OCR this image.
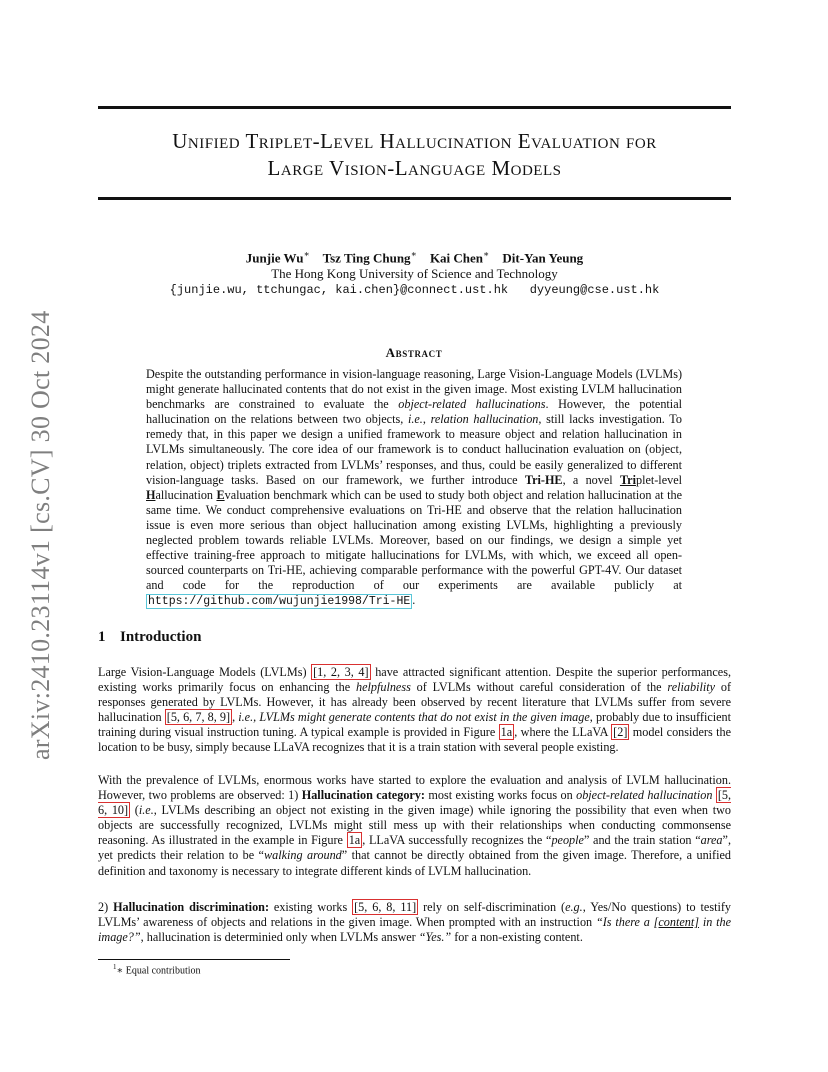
arXiv:2410.23114v1 [cs.CV] 30 Oct 2024
Unified Triplet-Level Hallucination Evaluation for
Large Vision-Language Models
Junjie Wu∗ Tsz Ting Chung∗ Kai Chen∗ Dit-Yan Yeung
The Hong Kong University of Science and Technology
{junjie.wu, ttchungac, kai.chen}@connect.ust.hk   dyyeung@cse.ust.hk
Abstract
Despite the outstanding performance in vision-language reasoning, Large Vision-Language Models (LVLMs) might generate hallucinated contents that do not exist in the given image. Most existing LVLM hallucination benchmarks are constrained to evaluate the object-related hallucinations. However, the potential hallucination on the relations between two objects, i.e., relation hallucination, still lacks investigation. To remedy that, in this paper we design a unified framework to measure object and relation hallucination in LVLMs simultaneously. The core idea of our framework is to conduct hallucination evaluation on (object, relation, object) triplets extracted from LVLMs’ responses, and thus, could be easily generalized to different vision-language tasks. Based on our framework, we further introduce Tri-HE, a novel Triplet-level Hallucination Evaluation benchmark which can be used to study both object and relation hallucination at the same time. We conduct comprehensive evaluations on Tri-HE and observe that the relation hallucination issue is even more serious than object hallucination among existing LVLMs, highlighting a previously neglected problem towards reliable LVLMs. Moreover, based on our findings, we design a simple yet effective training-free approach to mitigate hallucinations for LVLMs, with which, we exceed all open-sourced counterparts on Tri-HE, achieving comparable performance with the powerful GPT-4V. Our dataset and code for the reproduction of our experiments are available publicly at https://github.com/wujunjie1998/Tri-HE .
1 Introduction
Large Vision-Language Models (LVLMs) [1, 2, 3, 4] have attracted significant attention. Despite the superior performances, existing works primarily focus on enhancing the helpfulness of LVLMs without careful consideration of the reliability of responses generated by LVLMs. However, it has already been observed by recent literature that LVLMs suffer from severe hallucination [5, 6, 7, 8, 9] , i.e., LVLMs might generate contents that do not exist in the given image, probably due to insufficient training during visual instruction tuning. A typical example is provided in Figure 1a , where the LLaVA [2] model considers the location to be busy, simply because LLaVA recognizes that it is a train station with several people existing.
With the prevalence of LVLMs, enormous works have started to explore the evaluation and analysis of LVLM hallucination. However, two problems are observed: 1) Hallucination category: most existing works focus on object-related hallucination [5, 6, 10] (i.e., LVLMs describing an object not existing in the given image) while ignoring the possibility that even when two objects are successfully recognized, LVLMs might still mess up with their relationships when conducting commonsense reasoning. As illustrated in the example in Figure 1a , LLaVA successfully recognizes the “people” and the train station “area”, yet predicts their relation to be “walking around” that cannot be directly obtained from the given image. Therefore, a unified definition and taxonomy is necessary to integrate different kinds of LVLM hallucination.
2) Hallucination discrimination: existing works [5, 6, 8, 11] rely on self-discrimination (e.g., Yes/No questions) to testify LVLMs’ awareness of objects and relations in the given image. When prompted with an instruction “Is there a [content] in the image?”, hallucination is determinied only when LVLMs answer “Yes.” for a non-existing content.
$^1$∗ Equal contribution
